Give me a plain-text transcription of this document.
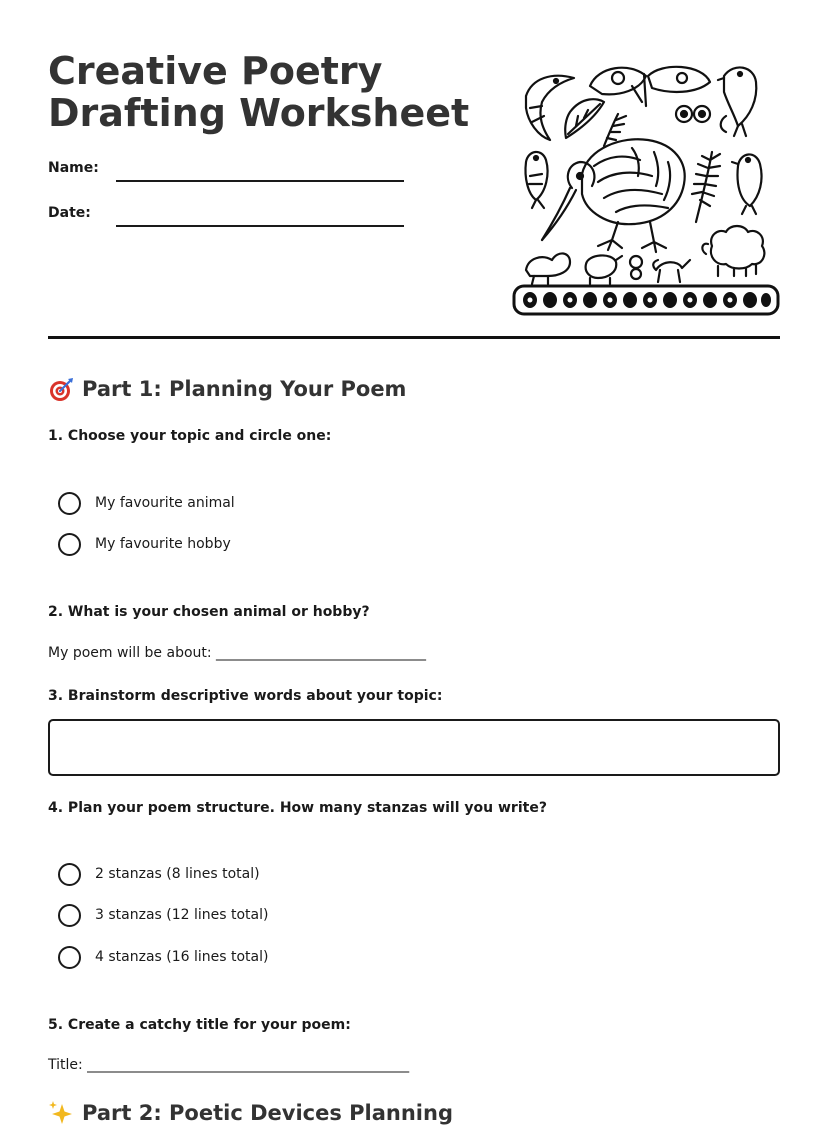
Creative Poetry Drafting Worksheet
Name:
Date:
Part 1: Planning Your Poem
1. Choose your topic and circle one:
My favourite animal
My favourite hobby
2. What is your chosen animal or hobby?
My poem will be about: ______________________________
3. Brainstorm descriptive words about your topic:
4. Plan your poem structure. How many stanzas will you write?
2 stanzas (8 lines total)
3 stanzas (12 lines total)
4 stanzas (16 lines total)
5. Create a catchy title for your poem:
Title: ______________________________________________
Part 2: Poetic Devices Planning
